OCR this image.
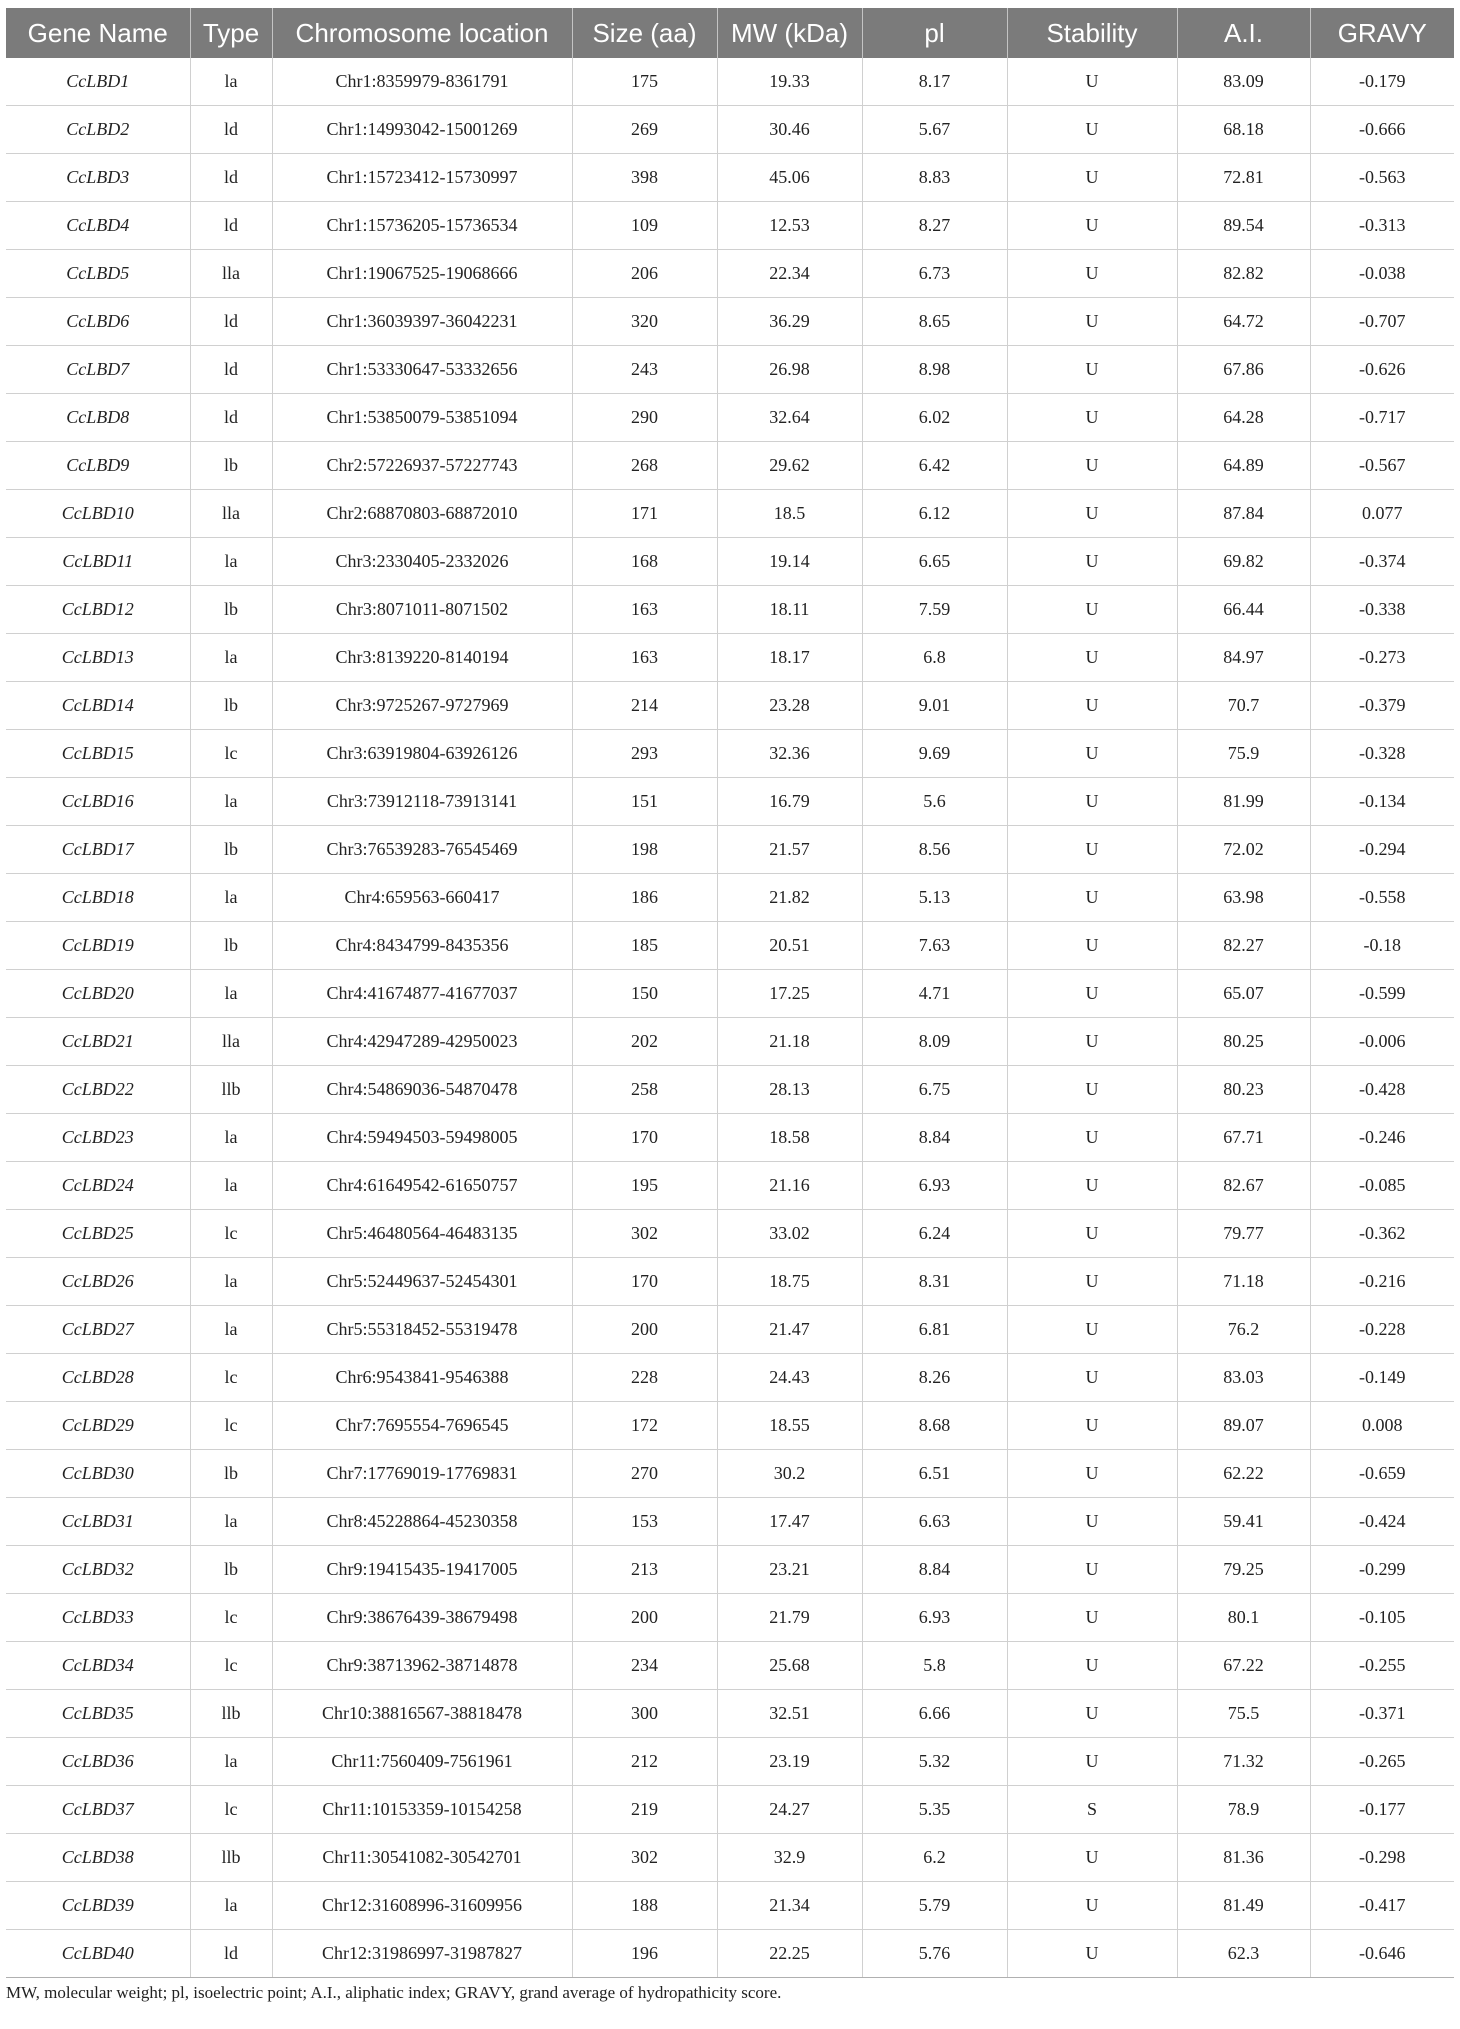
Gene Name	Type	Chromosome location	Size (aa)	MW (kDa)	pl	Stability	A.I.	GRAVY
CcLBD1	la	Chr1:8359979-8361791	175	19.33	8.17	U	83.09	-0.179
CcLBD2	ld	Chr1:14993042-15001269	269	30.46	5.67	U	68.18	-0.666
CcLBD3	ld	Chr1:15723412-15730997	398	45.06	8.83	U	72.81	-0.563
CcLBD4	ld	Chr1:15736205-15736534	109	12.53	8.27	U	89.54	-0.313
CcLBD5	lla	Chr1:19067525-19068666	206	22.34	6.73	U	82.82	-0.038
CcLBD6	ld	Chr1:36039397-36042231	320	36.29	8.65	U	64.72	-0.707
CcLBD7	ld	Chr1:53330647-53332656	243	26.98	8.98	U	67.86	-0.626
CcLBD8	ld	Chr1:53850079-53851094	290	32.64	6.02	U	64.28	-0.717
CcLBD9	lb	Chr2:57226937-57227743	268	29.62	6.42	U	64.89	-0.567
CcLBD10	lla	Chr2:68870803-68872010	171	18.5	6.12	U	87.84	0.077
CcLBD11	la	Chr3:2330405-2332026	168	19.14	6.65	U	69.82	-0.374
CcLBD12	lb	Chr3:8071011-8071502	163	18.11	7.59	U	66.44	-0.338
CcLBD13	la	Chr3:8139220-8140194	163	18.17	6.8	U	84.97	-0.273
CcLBD14	lb	Chr3:9725267-9727969	214	23.28	9.01	U	70.7	-0.379
CcLBD15	lc	Chr3:63919804-63926126	293	32.36	9.69	U	75.9	-0.328
CcLBD16	la	Chr3:73912118-73913141	151	16.79	5.6	U	81.99	-0.134
CcLBD17	lb	Chr3:76539283-76545469	198	21.57	8.56	U	72.02	-0.294
CcLBD18	la	Chr4:659563-660417	186	21.82	5.13	U	63.98	-0.558
CcLBD19	lb	Chr4:8434799-8435356	185	20.51	7.63	U	82.27	-0.18
CcLBD20	la	Chr4:41674877-41677037	150	17.25	4.71	U	65.07	-0.599
CcLBD21	lla	Chr4:42947289-42950023	202	21.18	8.09	U	80.25	-0.006
CcLBD22	llb	Chr4:54869036-54870478	258	28.13	6.75	U	80.23	-0.428
CcLBD23	la	Chr4:59494503-59498005	170	18.58	8.84	U	67.71	-0.246
CcLBD24	la	Chr4:61649542-61650757	195	21.16	6.93	U	82.67	-0.085
CcLBD25	lc	Chr5:46480564-46483135	302	33.02	6.24	U	79.77	-0.362
CcLBD26	la	Chr5:52449637-52454301	170	18.75	8.31	U	71.18	-0.216
CcLBD27	la	Chr5:55318452-55319478	200	21.47	6.81	U	76.2	-0.228
CcLBD28	lc	Chr6:9543841-9546388	228	24.43	8.26	U	83.03	-0.149
CcLBD29	lc	Chr7:7695554-7696545	172	18.55	8.68	U	89.07	0.008
CcLBD30	lb	Chr7:17769019-17769831	270	30.2	6.51	U	62.22	-0.659
CcLBD31	la	Chr8:45228864-45230358	153	17.47	6.63	U	59.41	-0.424
CcLBD32	lb	Chr9:19415435-19417005	213	23.21	8.84	U	79.25	-0.299
CcLBD33	lc	Chr9:38676439-38679498	200	21.79	6.93	U	80.1	-0.105
CcLBD34	lc	Chr9:38713962-38714878	234	25.68	5.8	U	67.22	-0.255
CcLBD35	llb	Chr10:38816567-38818478	300	32.51	6.66	U	75.5	-0.371
CcLBD36	la	Chr11:7560409-7561961	212	23.19	5.32	U	71.32	-0.265
CcLBD37	lc	Chr11:10153359-10154258	219	24.27	5.35	S	78.9	-0.177
CcLBD38	llb	Chr11:30541082-30542701	302	32.9	6.2	U	81.36	-0.298
CcLBD39	la	Chr12:31608996-31609956	188	21.34	5.79	U	81.49	-0.417
CcLBD40	ld	Chr12:31986997-31987827	196	22.25	5.76	U	62.3	-0.646
MW, molecular weight; pl, isoelectric point; A.I., aliphatic index; GRAVY, grand average of hydropathicity score.
